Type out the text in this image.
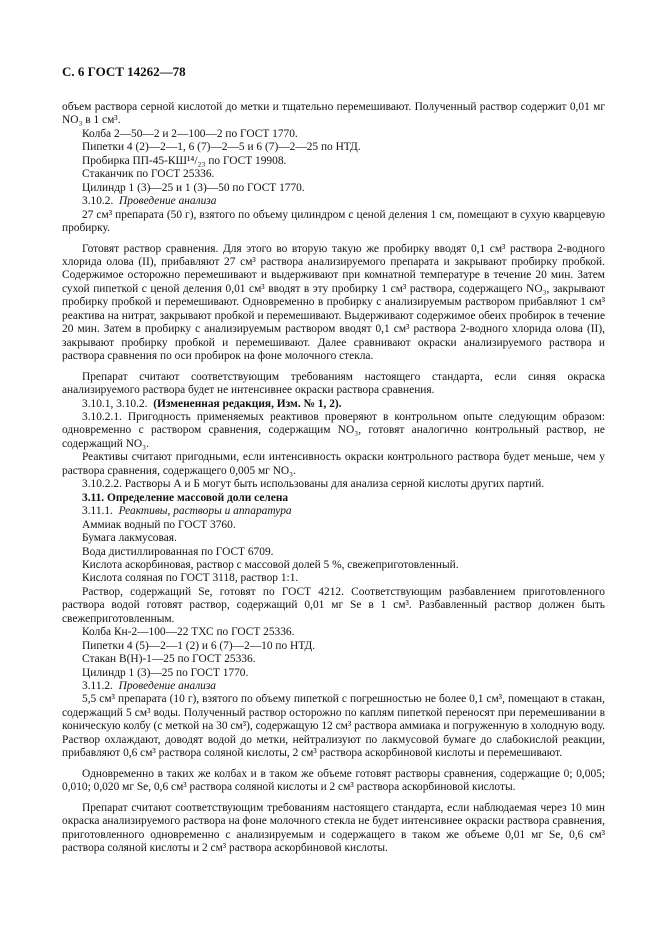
С. 6 ГОСТ 14262—78

объем раствора серной кислотой до метки и тщательно перемешивают. Полученный раствор содержит 0,01 мг NO₃ в 1 см³.

Колба 2—50—2 и 2—100—2 по ГОСТ 1770.

Пипетки 4 (2)—2—1, 6 (7)—2—5 и 6 (7)—2—25 по НТД.

Пробирка ПП-45-КШ¹⁴/₂₃ по ГОСТ 19908.

Стаканчик по ГОСТ 25336.

Цилиндр 1 (3)—25 и 1 (3)—50 по ГОСТ 1770.

3.10.2. Проведение анализа

27 см³ препарата (50 г), взятого по объему цилиндром с ценой деления 1 см, помещают в сухую кварцевую пробирку.

Готовят раствор сравнения. Для этого во вторую такую же пробирку вводят 0,1 см³ раствора 2-водного хлорида олова (II), прибавляют 27 см³ раствора анализируемого препарата и закрывают пробирку пробкой. Содержимое осторожно перемешивают и выдерживают при комнатной температуре в течение 20 мин. Затем сухой пипеткой с ценой деления 0,01 см³ вводят в эту пробирку 1 см³ раствора, содержащего NO₃, закрывают пробирку пробкой и перемешивают. Одновременно в пробирку с анализируемым раствором прибавляют 1 см³ реактива на нитрат, закрывают пробкой и перемешивают. Выдерживают содержимое обеих пробирок в течение 20 мин. Затем в пробирку с анализируемым раствором вводят 0,1 см³ раствора 2-водного хлорида олова (II), закрывают пробирку пробкой и перемешивают. Далее сравнивают окраски анализируемого раствора и раствора сравнения по оси пробирок на фоне молочного стекла.

Препарат считают соответствующим требованиям настоящего стандарта, если синяя окраска анализируемого раствора будет не интенсивнее окраски раствора сравнения.

3.10.1, 3.10.2. (Измененная редакция, Изм. № 1, 2).

3.10.2.1. Пригодность применяемых реактивов проверяют в контрольном опыте следующим образом: одновременно с раствором сравнения, содержащим NO₃, готовят аналогично контрольный раствор, не содержащий NO₃.

Реактивы считают пригодными, если интенсивность окраски контрольного раствора будет меньше, чем у раствора сравнения, содержащего 0,005 мг NO₃.

3.10.2.2. Растворы А и Б могут быть использованы для анализа серной кислоты других партий.

3.11. Определение массовой доли селена

3.11.1. Реактивы, растворы и аппаратура

Аммиак водный по ГОСТ 3760.

Бумага лакмусовая.

Вода дистиллированная по ГОСТ 6709.

Кислота аскорбиновая, раствор с массовой долей 5 %, свежеприготовленный.

Кислота соляная по ГОСТ 3118, раствор 1:1.

Раствор, содержащий Se, готовят по ГОСТ 4212. Соответствующим разбавлением приготовленного раствора водой готовят раствор, содержащий 0,01 мг Se в 1 см³. Разбавленный раствор должен быть свежеприготовленным.

Колба Кн-2—100—22 ТХС по ГОСТ 25336.

Пипетки 4 (5)—2—1 (2) и 6 (7)—2—10 по НТД.

Стакан В(Н)-1—25 по ГОСТ 25336.

Цилиндр 1 (3)—25 по ГОСТ 1770.

3.11.2. Проведение анализа

5,5 см³ препарата (10 г), взятого по объему пипеткой с погрешностью не более 0,1 см³, помещают в стакан, содержащий 5 см³ воды. Полученный раствор осторожно по каплям пипеткой переносят при перемешивании в коническую колбу (с меткой на 30 см³), содержащую 12 см³ раствора аммиака и погруженную в холодную воду. Раствор охлаждают, доводят водой до метки, нейтрализуют по лакмусовой бумаге до слабокислой реакции, прибавляют 0,6 см³ раствора соляной кислоты, 2 см³ раствора аскорбиновой кислоты и перемешивают.

Одновременно в таких же колбах и в таком же объеме готовят растворы сравнения, содержащие 0; 0,005; 0,010; 0,020 мг Se, 0,6 см³ раствора соляной кислоты и 2 см³ раствора аскорбиновой кислоты.

Препарат считают соответствующим требованиям настоящего стандарта, если наблюдаемая через 10 мин окраска анализируемого раствора на фоне молочного стекла не будет интенсивнее окраски раствора сравнения, приготовленного одновременно с анализируемым и содержащего в таком же объеме 0,01 мг Se, 0,6 см³ раствора соляной кислоты и 2 см³ раствора аскорбиновой кислоты.
